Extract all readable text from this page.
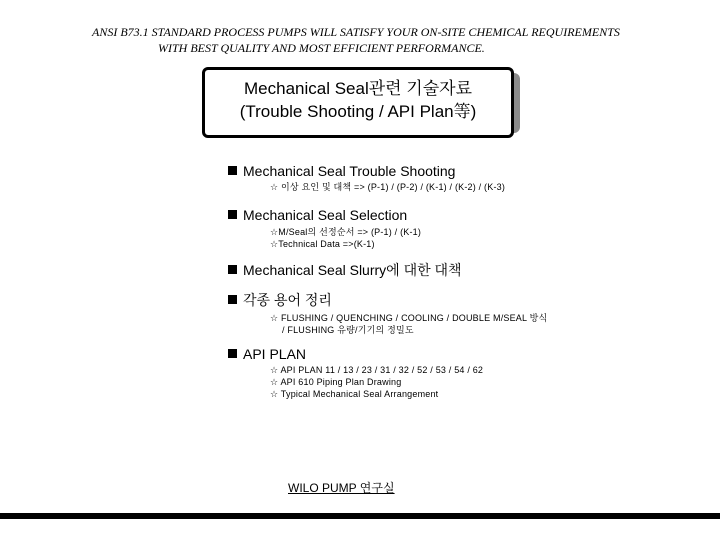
ANSI B73.1 STANDARD PROCESS PUMPS WILL SATISFY YOUR ON-SITE CHEMICAL REQUIREMENTS
WITH BEST QUALITY AND MOST EFFICIENT PERFORMANCE.
Mechanical Seal관련 기술자료
(Trouble Shooting / API Plan等)
Mechanical Seal Trouble Shooting
☆ 이상 요인 및 대책 => (P-1) / (P-2) / (K-1) / (K-2) / (K-3)
Mechanical Seal Selection
☆M/Seal의 선정순서 => (P-1) / (K-1)
☆Technical Data =>(K-1)
Mechanical Seal Slurry에 대한 대책
각종 용어 정리
☆ FLUSHING / QUENCHING / COOLING / DOUBLE M/SEAL 방식
/ FLUSHING 유량/기기의 정밀도
API PLAN
☆ API PLAN 11 / 13 / 23 / 31 / 32 / 52 / 53 / 54 / 62
☆ API 610 Piping Plan Drawing
☆ Typical Mechanical Seal Arrangement
WILO PUMP 연구실
